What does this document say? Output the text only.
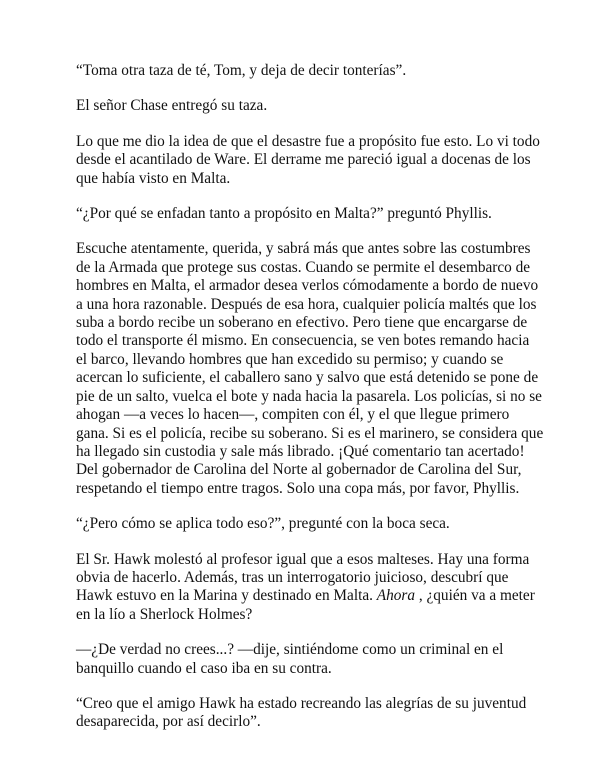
“Toma otra taza de té, Tom, y deja de decir tonterías”.

El señor Chase entregó su taza.

Lo que me dio la idea de que el desastre fue a propósito fue esto. Lo vi todo desde el acantilado de Ware. El derrame me pareció igual a docenas de los que había visto en Malta.

“¿Por qué se enfadan tanto a propósito en Malta?” preguntó Phyllis.

Escuche atentamente, querida, y sabrá más que antes sobre las costumbres de la Armada que protege sus costas. Cuando se permite el desembarco de hombres en Malta, el armador desea verlos cómodamente a bordo de nuevo a una hora razonable. Después de esa hora, cualquier policía maltés que los suba a bordo recibe un soberano en efectivo. Pero tiene que encargarse de todo el transporte él mismo. En consecuencia, se ven botes remando hacia el barco, llevando hombres que han excedido su permiso; y cuando se acercan lo suficiente, el caballero sano y salvo que está detenido se pone de pie de un salto, vuelca el bote y nada hacia la pasarela. Los policías, si no se ahogan —a veces lo hacen—, compiten con él, y el que llegue primero gana. Si es el policía, recibe su soberano. Si es el marinero, se considera que ha llegado sin custodia y sale más librado. ¡Qué comentario tan acertado! Del gobernador de Carolina del Norte al gobernador de Carolina del Sur, respetando el tiempo entre tragos. Solo una copa más, por favor, Phyllis.

“¿Pero cómo se aplica todo eso?”, pregunté con la boca seca.

El Sr. Hawk molestó al profesor igual que a esos malteses. Hay una forma obvia de hacerlo. Además, tras un interrogatorio juicioso, descubrí que Hawk estuvo en la Marina y destinado en Malta. Ahora , ¿quién va a meter en la lío a Sherlock Holmes?

—¿De verdad no crees...? —dije, sintiéndome como un criminal en el banquillo cuando el caso iba en su contra.

“Creo que el amigo Hawk ha estado recreando las alegrías de su juventud desaparecida, por así decirlo”.
